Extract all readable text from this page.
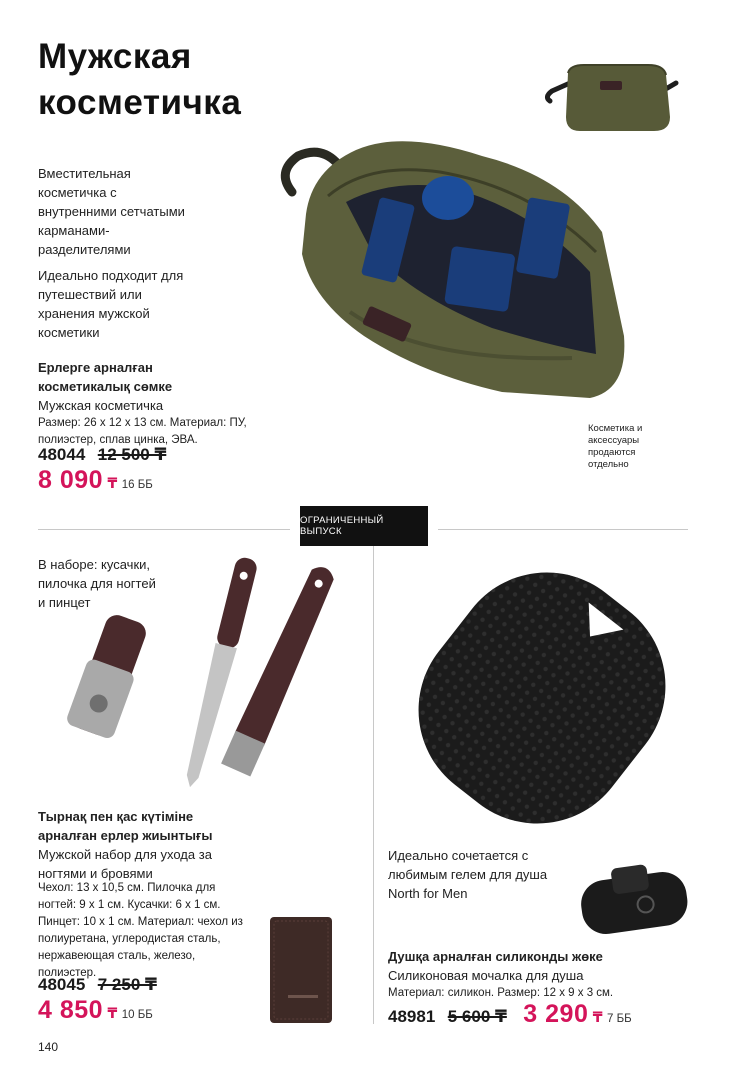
Мужская
косметичка
Вместительная
косметичка с
внутренними сетчатыми
карманами-
разделителями
Идеально подходит для
путешествий или
хранения мужской
косметики
Ерлерге арналған
косметикалық сөмке
Мужская косметичка
Размер: 26 x 12 x 13 см. Материал: ПУ,
полиэстер, сплав цинка, ЭВА.
48044 12 500 ₸
8 090 ₸ 16 ББ
Косметика и
аксессуары
продаются
отдельно
ОГРАНИЧЕННЫЙ ВЫПУСК
В наборе: кусачки,
пилочка для ногтей
и пинцет
Тырнақ пен қас күтіміне
арналған ерлер жиынтығы
Мужской набор для ухода за
ногтями и бровями
Чехол: 13 x 10,5 см. Пилочка для
ногтей: 9 x 1 см. Кусачки: 6 x 1 см.
Пинцет: 10 x 1 см. Материал: чехол из
полиуретана, углеродистая сталь,
нержавеющая сталь, железо,
полиэстер.
48045 7 250 ₸
4 850 ₸ 10 ББ
Идеально сочетается с
любимым гелем для душа
North for Men
Душқа арналған силиконды жөке
Силиконовая мочалка для душа
Материал: силикон. Размер: 12 x 9 x 3 см.
48981 5 600 ₸ 3 290 ₸ 7 ББ
140
